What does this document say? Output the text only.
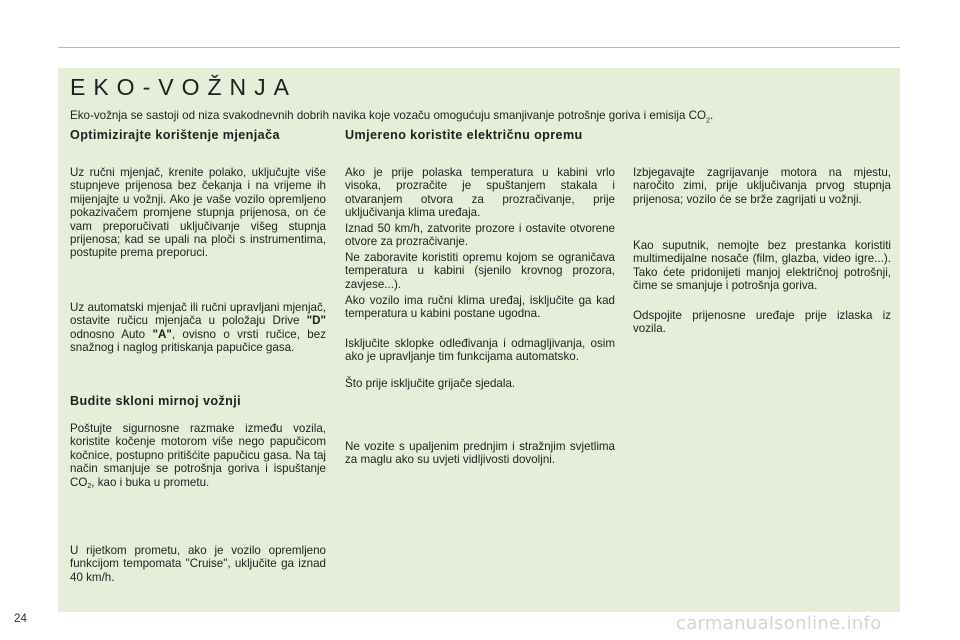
EKO-VOŽNJA
Eko-vožnja se sastoji od niza svakodnevnih dobrih navika koje vozaču omogućuju smanjivanje potrošnje goriva i emisija $CO_2$.
Optimizirajte korištenje mjenjača

Uz ručni mjenjač, krenite polako, uključujte više stupnjeve prijenosa bez čekanja i na vrijeme ih mijenjajte u vožnji. Ako je vaše vozilo opremljeno pokazivačem promjene stupnja prijenosa, on će vam preporučivati uključivanje višeg stupnja prijenosa; kad se upali na ploči s instrumentima, postupite prema preporuci.

Uz automatski mjenjač ili ručni upravljani mjenjač, ostavite ručicu mjenjača u položaju Drive "D" odnosno Auto "A", ovisno o vrsti ručice, bez snažnog i naglog pritiskanja papučice gasa.

Budite skloni mirnoj vožnji

Poštujte sigurnosne razmake između vozila, koristite kočenje motorom više nego papučicom kočnice, postupno pritišćite papučicu gasa. Na taj način smanjuje se potrošnja goriva i ispuštanje $CO_2$, kao i buka u prometu.

U rijetkom prometu, ako je vozilo opremljeno funkcijom tempomata "Cruise", uključite ga iznad 40 km/h.

Umjereno koristite električnu opremu

Ako je prije polaska temperatura u kabini vrlo visoka, prozračite je spuštanjem stakala i otvaranjem otvora za prozračivanje, prije uključivanja klima uređaja.

Iznad 50 km/h, zatvorite prozore i ostavite otvorene otvore za prozračivanje.

Ne zaboravite koristiti opremu kojom se ograničava temperatura u kabini (sjenilo krovnog prozora, zavjese...).

Ako vozilo ima ručni klima uređaj, isključite ga kad temperatura u kabini postane ugodna.

Isključite sklopke odleđivanja i odmagljivanja, osim ako je upravljanje tim funkcijama automatsko.

Što prije isključite grijače sjedala.

Ne vozite s upaljenim prednjim i stražnjim svjetlima za maglu ako su uvjeti vidljivosti dovoljni.

Izbjegavajte zagrijavanje motora na mjestu, naročito zimi, prije uključivanja prvog stupnja prijenosa; vozilo će se brže zagrijati u vožnji.

Kao suputnik, nemojte bez prestanka koristiti multimedijalne nosače (film, glazba, video igre...). Tako ćete pridonijeti manjoj električnoj potrošnji, čime se smanjuje i potrošnja goriva.

Odspojite prijenosne uređaje prije izlaska iz vozila.

24	carmanualsonline.info
